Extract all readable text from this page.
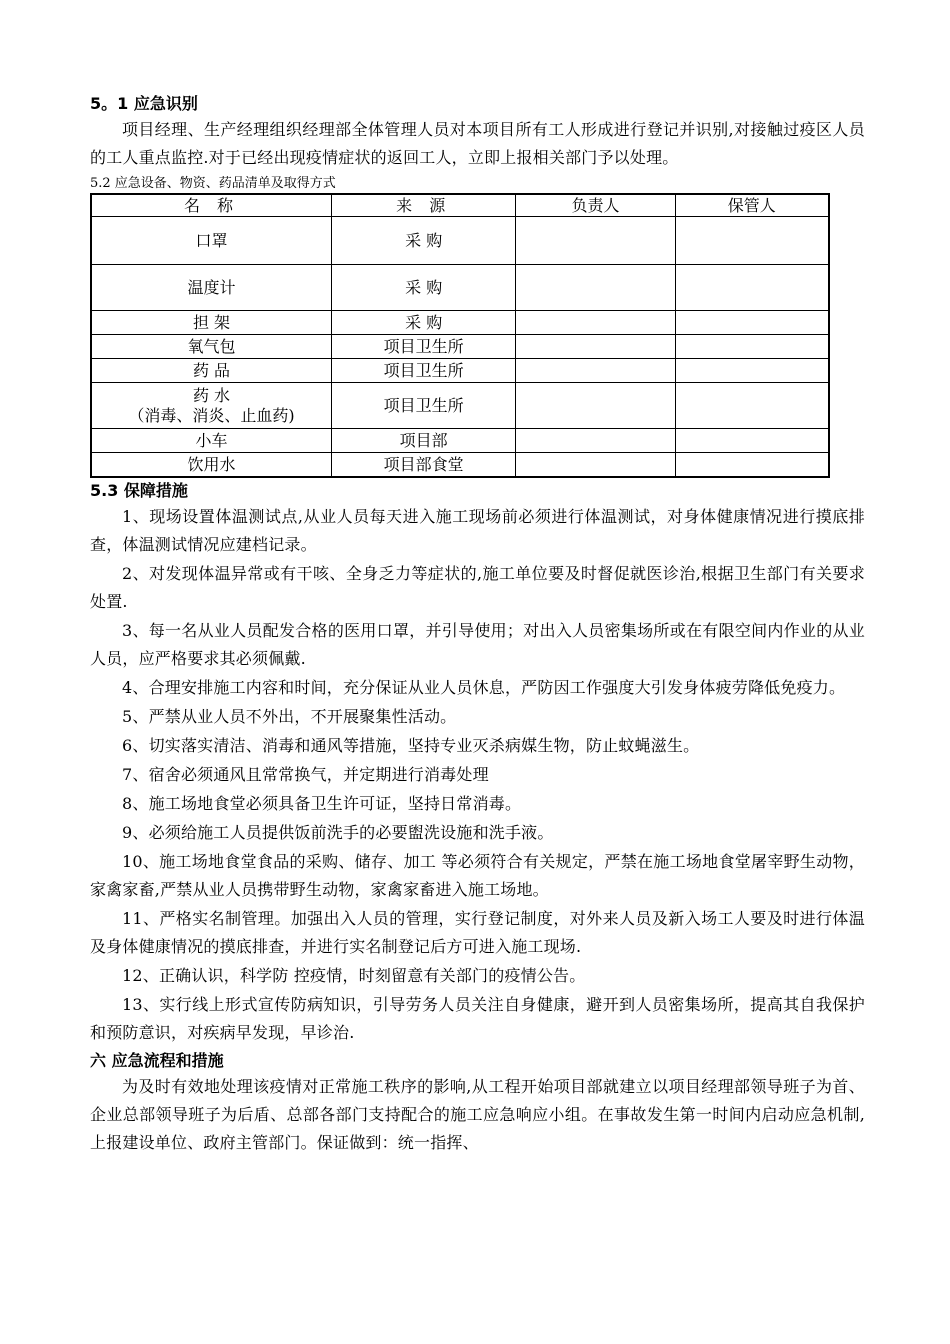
5。1 应急识别

项目经理、生产经理组织经理部全体管理人员对本项目所有工人形成进行登记并识别,对接触过疫区人员的工人重点监控.对于已经出现疫情症状的返回工人，立即上报相关部门予以处理。

5.2 应急设备、物资、药品清单及取得方式

名 称	来 源	负责人	保管人
口罩	采 购		
温度计	采 购		
担 架	采 购		
氧气包	项目卫生所		
药 品	项目卫生所		

药 水
（消毒、消炎、止血药)	项目卫生所		
小车	项目部		
饮用水	项目部食堂		
5.3 保障措施

1、现场设置体温测试点,从业人员每天进入施工现场前必须进行体温测试，对身体健康情况进行摸底排查，体温测试情况应建档记录。

2、对发现体温异常或有干咳、全身乏力等症状的,施工单位要及时督促就医诊治,根据卫生部门有关要求处置.

3、每一名从业人员配发合格的医用口罩，并引导使用；对出入人员密集场所或在有限空间内作业的从业人员，应严格要求其必须佩戴.

4、合理安排施工内容和时间，充分保证从业人员休息，严防因工作强度大引发身体疲劳降低免疫力。

5、严禁从业人员不外出，不开展聚集性活动。

6、切实落实清洁、消毒和通风等措施，坚持专业灭杀病媒生物，防止蚊蝇滋生。

7、宿舍必须通风且常常换气，并定期进行消毒处理

8、施工场地食堂必须具备卫生许可证，坚持日常消毒。

9、必须给施工人员提供饭前洗手的必要盥洗设施和洗手液。

10、施工场地食堂食品的采购、储存、加工 等必须符合有关规定，严禁在施工场地食堂屠宰野生动物，家禽家畜,严禁从业人员携带野生动物，家禽家畜进入施工场地。

11、严格实名制管理。加强出入人员的管理，实行登记制度，对外来人员及新入场工人要及时进行体温及身体健康情况的摸底排查，并进行实名制登记后方可进入施工现场.

12、正确认识，科学防 控疫情，时刻留意有关部门的疫情公告。

13、实行线上形式宣传防病知识，引导劳务人员关注自身健康，避开到人员密集场所，提高其自我保护和预防意识，对疾病早发现，早诊治.

六 应急流程和措施

为及时有效地处理该疫情对正常施工秩序的影响,从工程开始项目部就建立以项目经理部领导班子为首、企业总部领导班子为后盾、总部各部门支持配合的施工应急响应小组。在事故发生第一时间内启动应急机制,上报建设单位、政府主管部门。保证做到：统一指挥、
